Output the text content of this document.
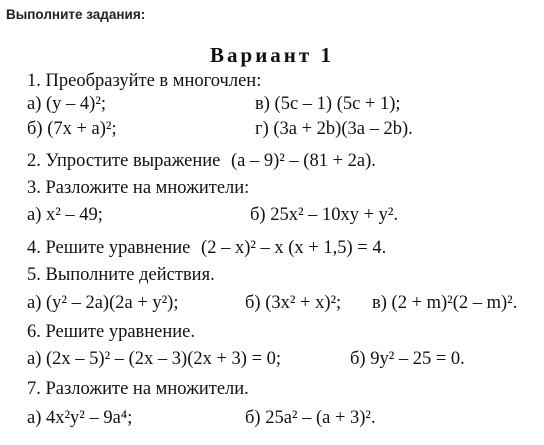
Выполните задания:
Вариант 1
1. Преобразуйте в многочлен:
а) (y – 4)²;	в) (5c – 1) (5c + 1);
б) (7x + a)²;	г) (3a + 2b)(3a – 2b).
2. Упростите выражение (a – 9)² – (81 + 2a).
3. Разложите на множители:
а) x² – 49;	б) 25x² – 10xy + y².
4. Решите уравнение (2 – x)² – x (x + 1,5) = 4.
5. Выполните действия.
а) (y² – 2a)(2a + y²);	б) (3x² + x)²; в) (2 + m)²(2 – m)².
6. Решите уравнение.
а) (2x – 5)² – (2x – 3)(2x + 3) = 0;	б) 9y² – 25 = 0.
7. Разложите на множители.
а) 4x²y² – 9a⁴;	б) 25a² – (a + 3)².
